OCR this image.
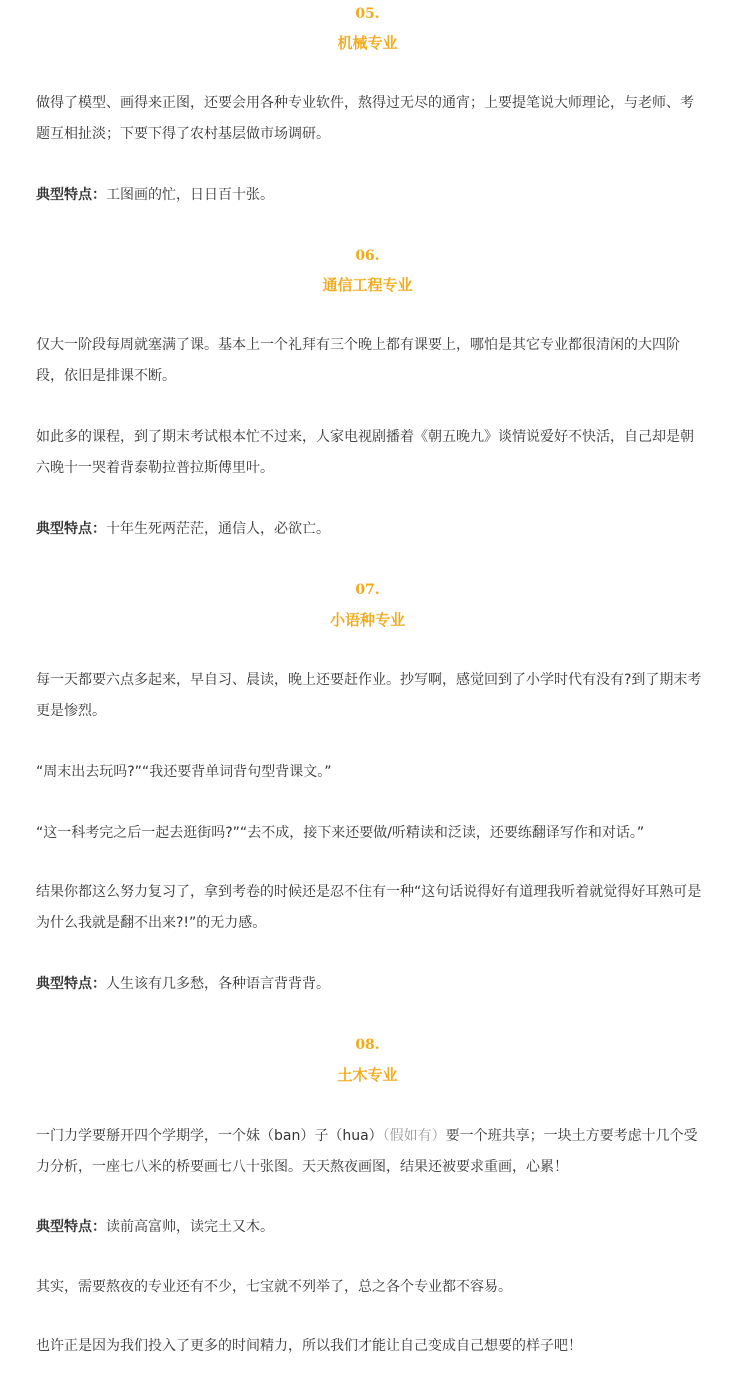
05.
机械专业

做得了模型、画得来正图，还要会用各种专业软件，熬得过无尽的通宵；上要提笔说大师理论，与老师、考题互相扯淡；下要下得了农村基层做市场调研。

典型特点：工图画的忙，日日百十张。

06.
通信工程专业

仅大一阶段每周就塞满了课。基本上一个礼拜有三个晚上都有课要上，哪怕是其它专业都很清闲的大四阶段，依旧是排课不断。

如此多的课程，到了期末考试根本忙不过来，人家电视剧播着《朝五晚九》谈情说爱好不快活，自己却是朝六晚十一哭着背泰勒拉普拉斯傅里叶。

典型特点：十年生死两茫茫，通信人，必欲亡。

07.
小语种专业

每一天都要六点多起来，早自习、晨读，晚上还要赶作业。抄写啊，感觉回到了小学时代有没有?到了期末考更是惨烈。

“周末出去玩吗?”“我还要背单词背句型背课文。”

“这一科考完之后一起去逛街吗?”“去不成，接下来还要做/听精读和泛读，还要练翻译写作和对话。”

结果你都这么努力复习了，拿到考卷的时候还是忍不住有一种“这句话说得好有道理我听着就觉得好耳熟可是为什么我就是翻不出来?!”的无力感。

典型特点：人生该有几多愁，各种语言背背背。

08.
土木专业

一门力学要掰开四个学期学，一个妹（ban）子（hua）（假如有）要一个班共享；一块土方要考虑十几个受力分析，一座七八米的桥要画七八十张图。天天熬夜画图，结果还被要求重画，心累！

典型特点：读前高富帅，读完土又木。

其实，需要熬夜的专业还有不少，七宝就不列举了，总之各个专业都不容易。

也许正是因为我们投入了更多的时间精力，所以我们才能让自己变成自己想要的样子吧！
